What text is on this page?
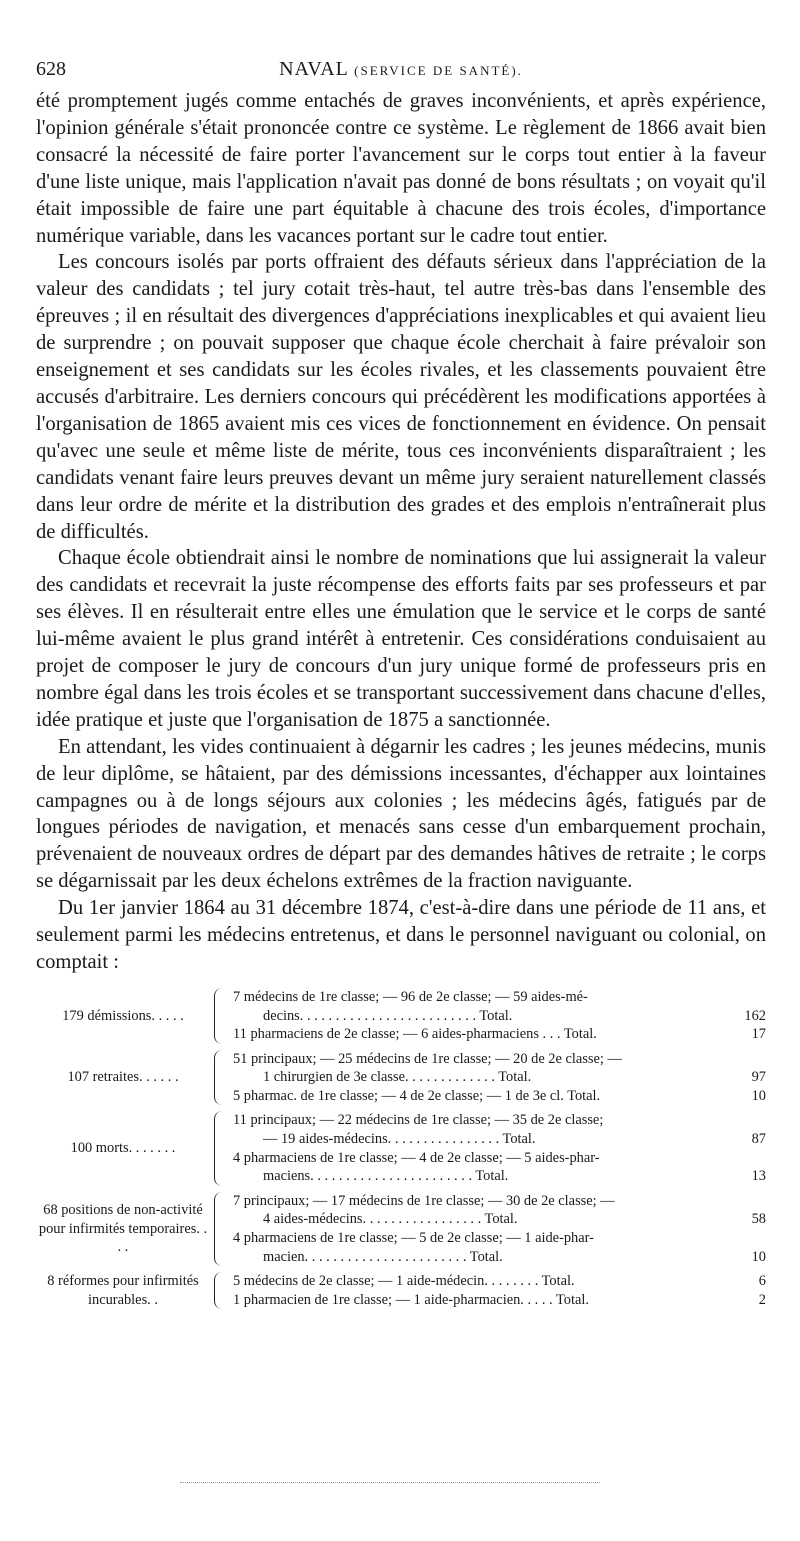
628	NAVAL (SERVICE DE SANTÉ).

été promptement jugés comme entachés de graves inconvénients, et après expérience, l'opinion générale s'était prononcée contre ce système. Le règlement de 1866 avait bien consacré la nécessité de faire porter l'avancement sur le corps tout entier à la faveur d'une liste unique, mais l'application n'avait pas donné de bons résultats ; on voyait qu'il était impossible de faire une part équitable à chacune des trois écoles, d'importance numérique variable, dans les vacances portant sur le cadre tout entier.

Les concours isolés par ports offraient des défauts sérieux dans l'appréciation de la valeur des candidats ; tel jury cotait très-haut, tel autre très-bas dans l'ensemble des épreuves ; il en résultait des divergences d'appréciations inexplicables et qui avaient lieu de surprendre ; on pouvait supposer que chaque école cherchait à faire prévaloir son enseignement et ses candidats sur les écoles rivales, et les classements pouvaient être accusés d'arbitraire. Les derniers concours qui précédèrent les modifications apportées à l'organisation de 1865 avaient mis ces vices de fonctionnement en évidence. On pensait qu'avec une seule et même liste de mérite, tous ces inconvénients disparaîtraient ; les candidats venant faire leurs preuves devant un même jury seraient naturellement classés dans leur ordre de mérite et la distribution des grades et des emplois n'entraînerait plus de difficultés.

Chaque école obtiendrait ainsi le nombre de nominations que lui assignerait la valeur des candidats et recevrait la juste récompense des efforts faits par ses professeurs et par ses élèves. Il en résulterait entre elles une émulation que le service et le corps de santé lui-même avaient le plus grand intérêt à entretenir. Ces considérations conduisaient au projet de composer le jury de concours d'un jury unique formé de professeurs pris en nombre égal dans les trois écoles et se transportant successivement dans chacune d'elles, idée pratique et juste que l'organisation de 1875 a sanctionnée.

En attendant, les vides continuaient à dégarnir les cadres ; les jeunes médecins, munis de leur diplôme, se hâtaient, par des démissions incessantes, d'échapper aux lointaines campagnes ou à de longs séjours aux colonies ; les médecins âgés, fatigués par de longues périodes de navigation, et menacés sans cesse d'un embarquement prochain, prévenaient de nouveaux ordres de départ par des demandes hâtives de retraite ; le corps se dégarnissait par les deux échelons extrêmes de la fraction naviguante.

Du 1er janvier 1864 au 31 décembre 1874, c'est-à-dire dans une période de 11 ans, et seulement parmi les médecins entretenus, et dans le personnel naviguant ou colonial, on comptait :

179 démissions. . . . .
7 médecins de 1re classe; — 96 de 2e classe; — 59 aides-mé-
decins. . . . . . . . . . . . . . . . . . . . . . . . . Total.	162
11 pharmaciens de 2e classe; — 6 aides-pharmaciens . . . Total.	17
107 retraites. . . . . .
51 principaux; — 25 médecins de 1re classe; — 20 de 2e classe; —
1 chirurgien de 3e classe. . . . . . . . . . . . . Total.	97
5 pharmac. de 1re classe; — 4 de 2e classe; — 1 de 3e cl. Total.	10
100 morts. . . . . . .
11 principaux; — 22 médecins de 1re classe; — 35 de 2e classe;
— 19 aides-médecins. . . . . . . . . . . . . . . . Total.	87
4 pharmaciens de 1re classe; — 4 de 2e classe; — 5 aides-phar-
maciens. . . . . . . . . . . . . . . . . . . . . . . Total.	13
68 positions de non-activité pour infirmités temporaires. . . .
7 principaux; — 17 médecins de 1re classe; — 30 de 2e classe; —
4 aides-médecins. . . . . . . . . . . . . . . . . Total.	58
4 pharmaciens de 1re classe; — 5 de 2e classe; — 1 aide-phar-
macien. . . . . . . . . . . . . . . . . . . . . . . Total.	10
8 réformes pour infirmités incurables. .
5 médecins de 2e classe; — 1 aide-médecin. . . . . . . . Total.	6
1 pharmacien de 1re classe; — 1 aide-pharmacien. . . . . Total.	2
